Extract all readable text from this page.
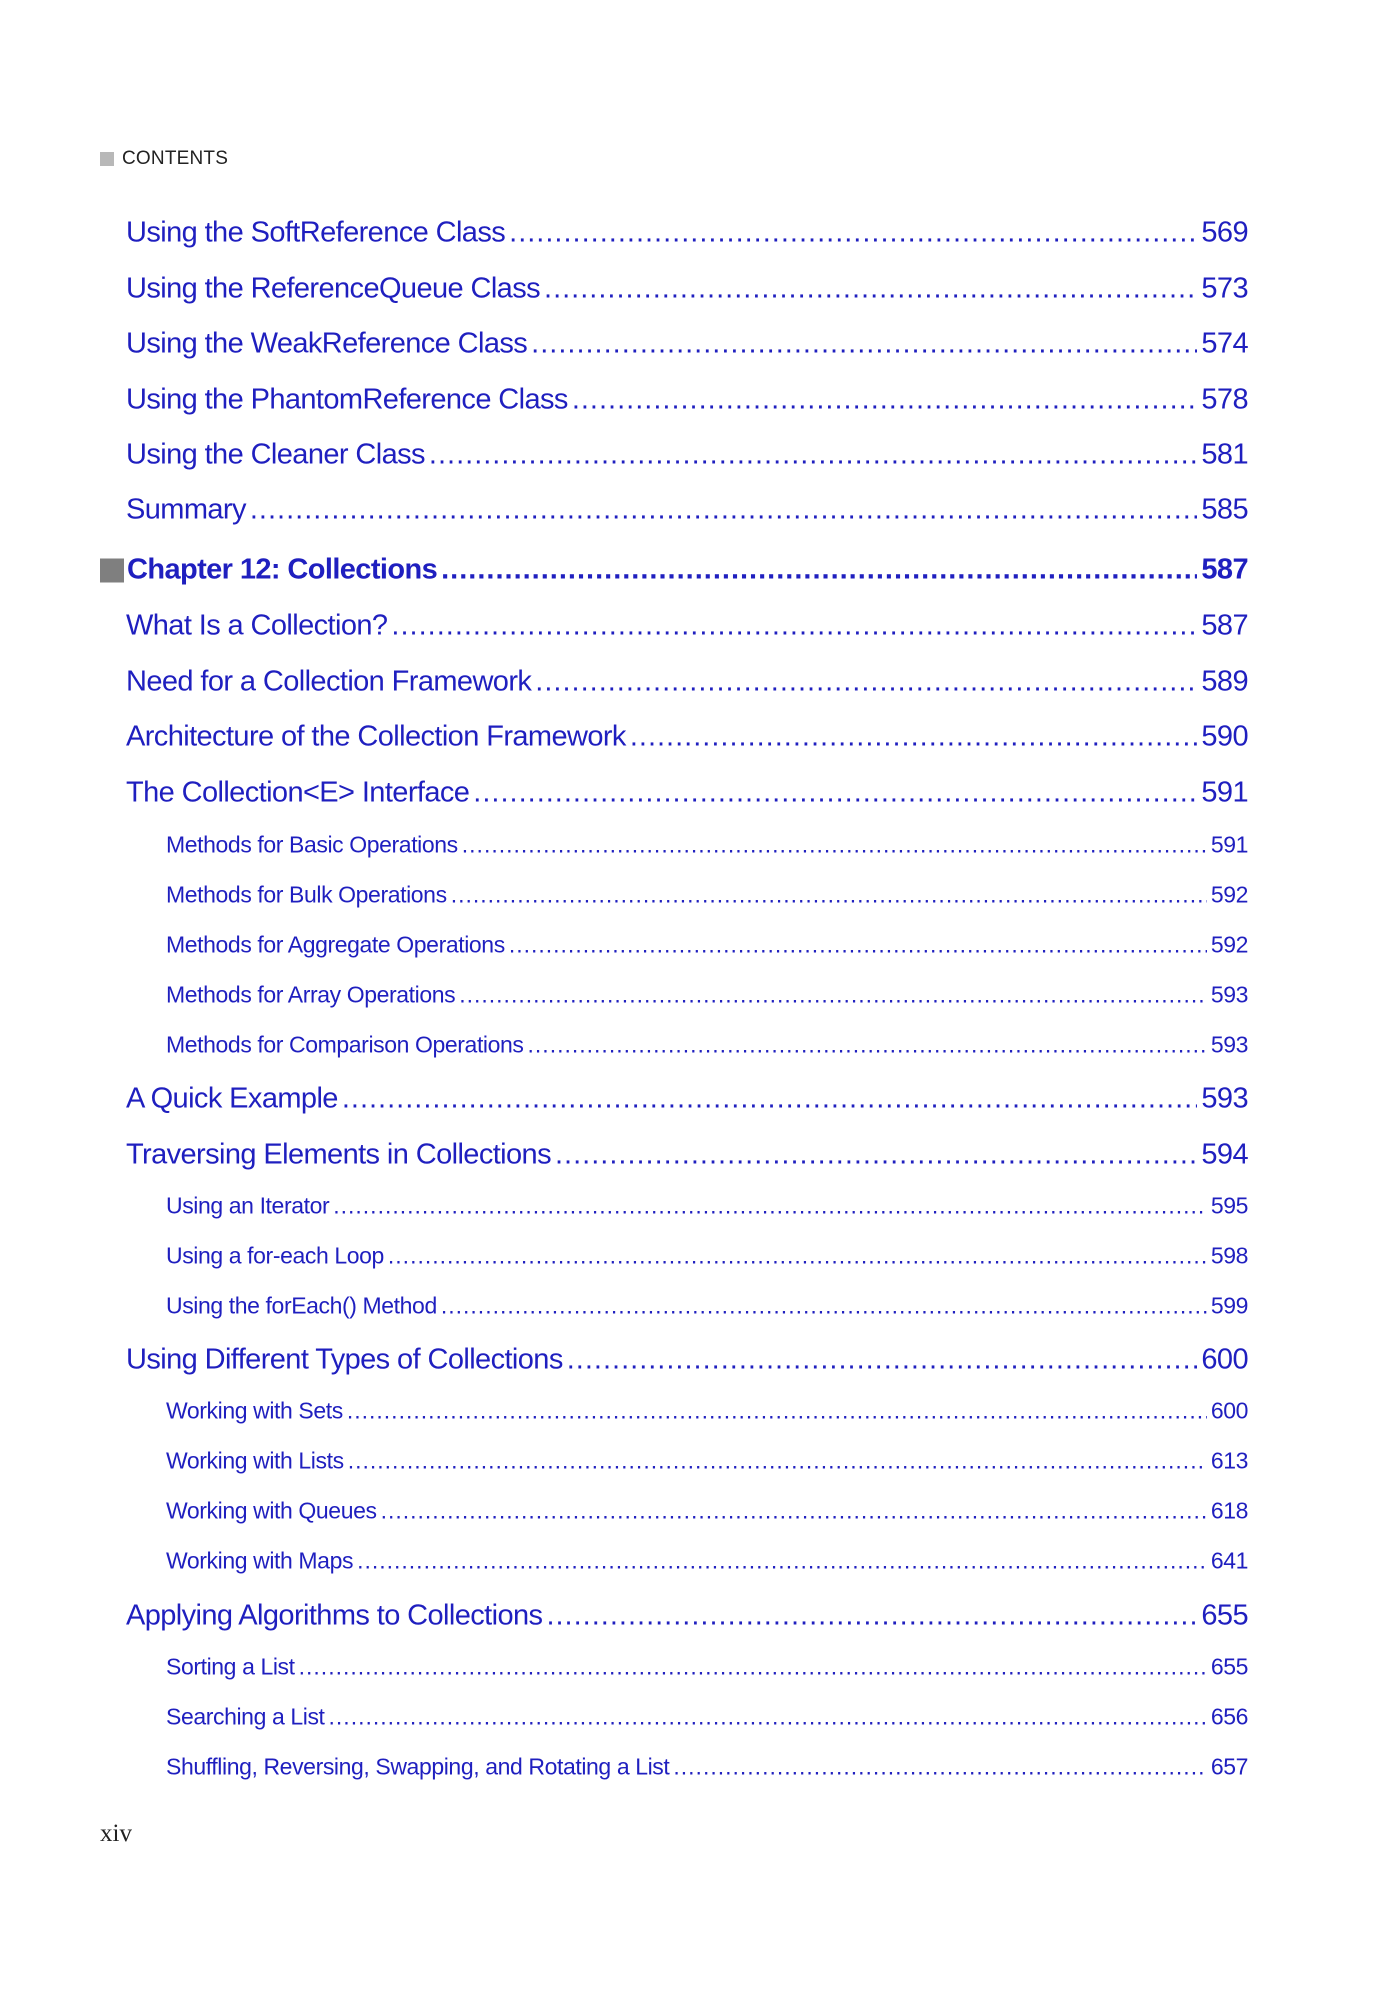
CONTENTS
Using the SoftReference Class .....	569
Using the ReferenceQueue Class .....	573
Using the WeakReference Class .....	574
Using the PhantomReference Class .....	578
Using the Cleaner Class .....	581
Summary .....	585
Chapter 12: Collections .....	587
What Is a Collection? .....	587
Need for a Collection Framework .....	589
Architecture of the Collection Framework .....	590
The Collection<E> Interface .....	591
Methods for Basic Operations .....	591
Methods for Bulk Operations .....	592
Methods for Aggregate Operations .....	592
Methods for Array Operations .....	593
Methods for Comparison Operations .....	593
A Quick Example .....	593
Traversing Elements in Collections .....	594
Using an Iterator .....	595
Using a for-each Loop .....	598
Using the forEach() Method .....	599
Using Different Types of Collections .....	600
Working with Sets .....	600
Working with Lists .....	613
Working with Queues .....	618
Working with Maps .....	641
Applying Algorithms to Collections .....	655
Sorting a List .....	655
Searching a List .....	656
Shuffling, Reversing, Swapping, and Rotating a List .....	657
xiv
